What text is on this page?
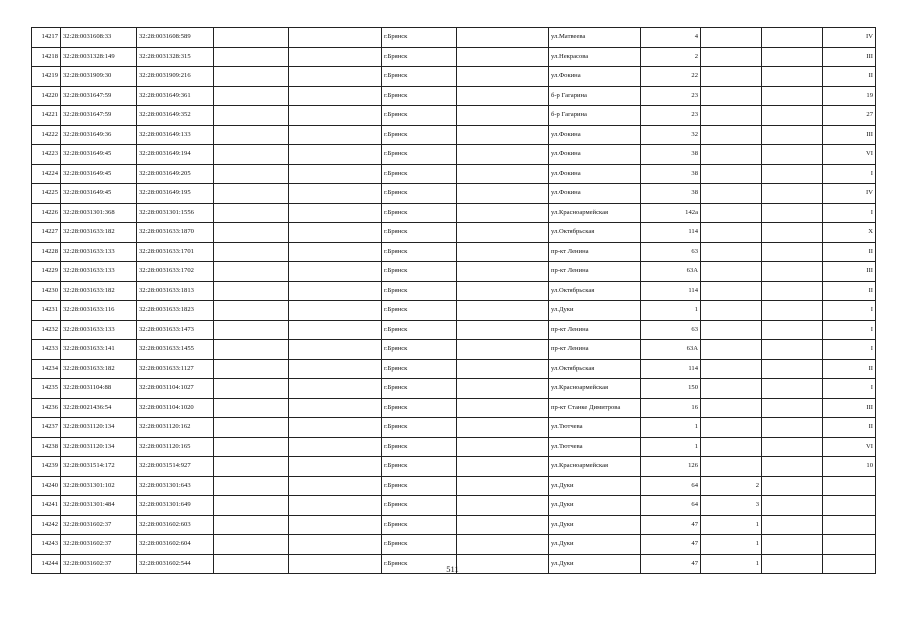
14217	32:28:0031608:33	32:28:0031608:589			г.Брянск		ул.Матвеева	4			IV
14218	32:28:0031328:149	32:28:0031328:315			г.Брянск		ул.Некрасова	2			III
14219	32:28:0031909:30	32:28:0031909:216			г.Брянск		ул.Фокина	22			II
14220	32:28:0031647:59	32:28:0031649:361			г.Брянск		б-р Гагарина	23			19
14221	32:28:0031647:59	32:28:0031649:352			г.Брянск		б-р Гагарина	23			27
14222	32:28:0031649:36	32:28:0031649:133			г.Брянск		ул.Фокина	32			III
14223	32:28:0031649:45	32:28:0031649:194			г.Брянск		ул.Фокина	38			VI
14224	32:28:0031649:45	32:28:0031649:205			г.Брянск		ул.Фокина	38			I
14225	32:28:0031649:45	32:28:0031649:195			г.Брянск		ул.Фокина	38			IV
14226	32:28:0031301:368	32:28:0031301:1556			г.Брянск		ул.Красноармейская	142а			I
14227	32:28:0031633:182	32:28:0031633:1870			г.Брянск		ул.Октябрьская	114			X
14228	32:28:0031633:133	32:28:0031633:1701			г.Брянск		пр-кт Ленина	63			II
14229	32:28:0031633:133	32:28:0031633:1702			г.Брянск		пр-кт Ленина	63А			III
14230	32:28:0031633:182	32:28:0031633:1813			г.Брянск		ул.Октябрьская	114			II
14231	32:28:0031633:116	32:28:0031633:1823			г.Брянск		ул.Дуки	1			I
14232	32:28:0031633:133	32:28:0031633:1473			г.Брянск		пр-кт Ленина	63			I
14233	32:28:0031633:141	32:28:0031633:1455			г.Брянск		пр-кт Ленина	63А			I
14234	32:28:0031633:182	32:28:0031633:1127			г.Брянск		ул.Октябрьская	114			II
14235	32:28:0031104:88	32:28:0031104:1027			г.Брянск		ул.Красноармейская	150			I
14236	32:28:0021436:54	32:28:0031104:1020			г.Брянск		пр-кт Станке Димитрова	16			III
14237	32:28:0031120:134	32:28:0031120:162			г.Брянск		ул.Тютчева	1			II
14238	32:28:0031120:134	32:28:0031120:165			г.Брянск		ул.Тютчева	1			VI
14239	32:28:0031514:172	32:28:0031514:927			г.Брянск		ул.Красноармейская	126			10
14240	32:28:0031301:102	32:28:0031301:643			г.Брянск		ул.Дуки	64	2		
14241	32:28:0031301:484	32:28:0031301:649			г.Брянск		ул.Дуки	64	3		
14242	32:28:0031602:37	32:28:0031602:603			г.Брянск		ул.Дуки	47	1		
14243	32:28:0031602:37	32:28:0031602:604			г.Брянск		ул.Дуки	47	1		
14244	32:28:0031602:37	32:28:0031602:544			г.Брянск		ул.Дуки	47	1		
511
